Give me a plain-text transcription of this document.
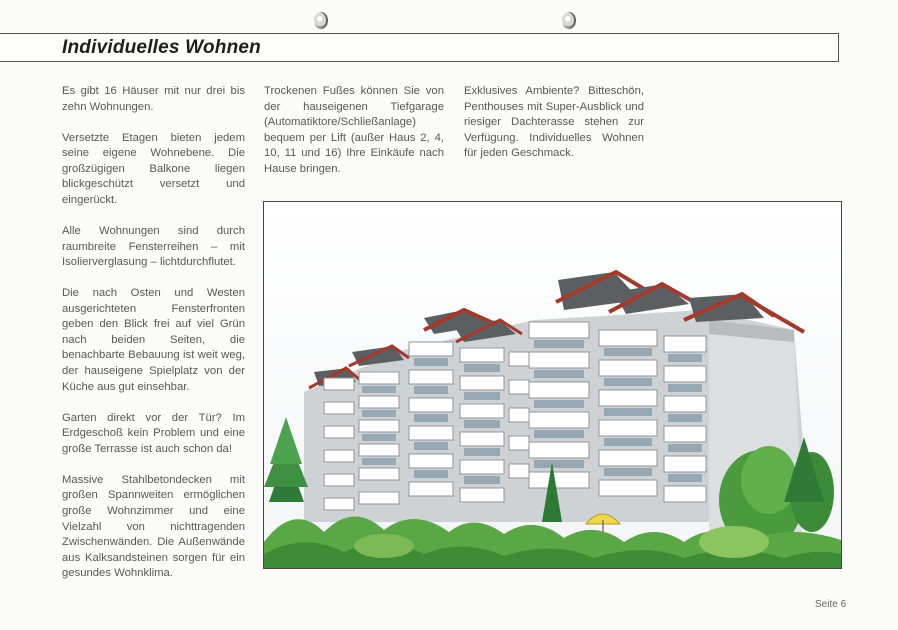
Individuelles Wohnen

Es gibt 16 Häuser mit nur drei bis zehn Wohnungen.

Versetzte Etagen bieten jedem seine eigene Wohnebene. Die großzügigen Balkone liegen blickgeschützt versetzt und eingerückt.

Alle Wohnungen sind durch raumbreite Fensterreihen – mit Isolierverglasung – lichtdurchflutet.

Die nach Osten und Westen ausgerichteten Fensterfronten geben den Blick frei auf viel Grün nach beiden Seiten, die benachbarte Bebauung ist weit weg, der hauseigene Spielplatz von der Küche aus gut einsehbar.

Garten direkt vor der Tür? Im Erdgeschoß kein Problem und eine große Terrasse ist auch schon da!

Massive Stahlbetondecken mit großen Spannweiten ermöglichen große Wohnzimmer und eine Vielzahl von nichttragenden Zwischenwänden. Die Außenwände aus Kalksandsteinen sorgen für ein gesundes Wohnklima.

Trockenen Fußes können Sie von der hauseigenen Tiefgarage (Automatiktore/Schließanlage) bequem per Lift (außer Haus 2, 4, 10, 11 und 16) Ihre Einkäufe nach Hause bringen.

Exklusives Ambiente? Bitteschön, Penthouses mit Super-Ausblick und riesiger Dachterasse stehen zur Verfügung. Individuelles Wohnen für jeden Geschmack.

Seite 6
